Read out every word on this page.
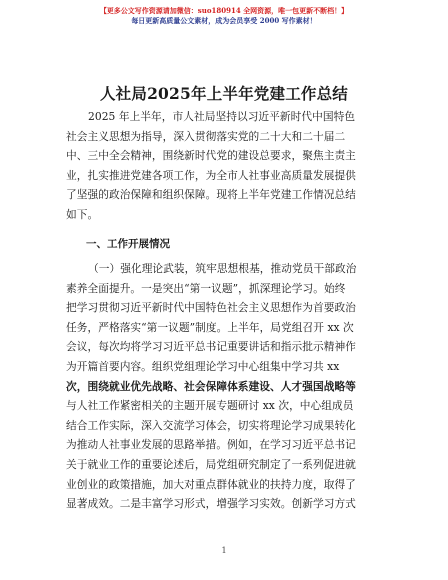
【更多公文写作资源请加微信：suo180914 全网资源，唯一包更新不断档！】
每日更新高质量公文素材，成为会员享受 2000 写作素材！
人社局2025年上半年党建工作总结
2025 年上半年，市人社局坚持以习近平新时代中国特色
社会主义思想为指导，深入贯彻落实党的二十大和二十届二
中、三中全会精神，围绕新时代党的建设总要求，聚焦主责主
业，扎实推进党建各项工作，为全市人社事业高质量发展提供
了坚强的政治保障和组织保障。现将上半年党建工作情况总结
如下。
一、工作开展情况
（一）强化理论武装，筑牢思想根基，推动党员干部政治
素养全面提升。一是突出“第一议题”，抓深理论学习。始终
把学习贯彻习近平新时代中国特色社会主义思想作为首要政治
任务，严格落实“第一议题”制度。上半年，局党组召开 xx 次
会议，每次均将学习习近平总书记重要讲话和指示批示精神作
为开篇首要内容。组织党组理论学习中心组集中学习共 xx
次，围绕就业优先战略、社会保障体系建设、人才强国战略等
与人社工作紧密相关的主题开展专题研讨 xx 次，中心组成员
结合工作实际，深入交流学习体会，切实将理论学习成果转化
为推动人社事业发展的思路举措。例如，在学习习近平总书记
关于就业工作的重要论述后，局党组研究制定了一系列促进就
业创业的政策措施，加大对重点群体就业的扶持力度，取得了
显著成效。二是丰富学习形式，增强学习实效。创新学习方式
1
